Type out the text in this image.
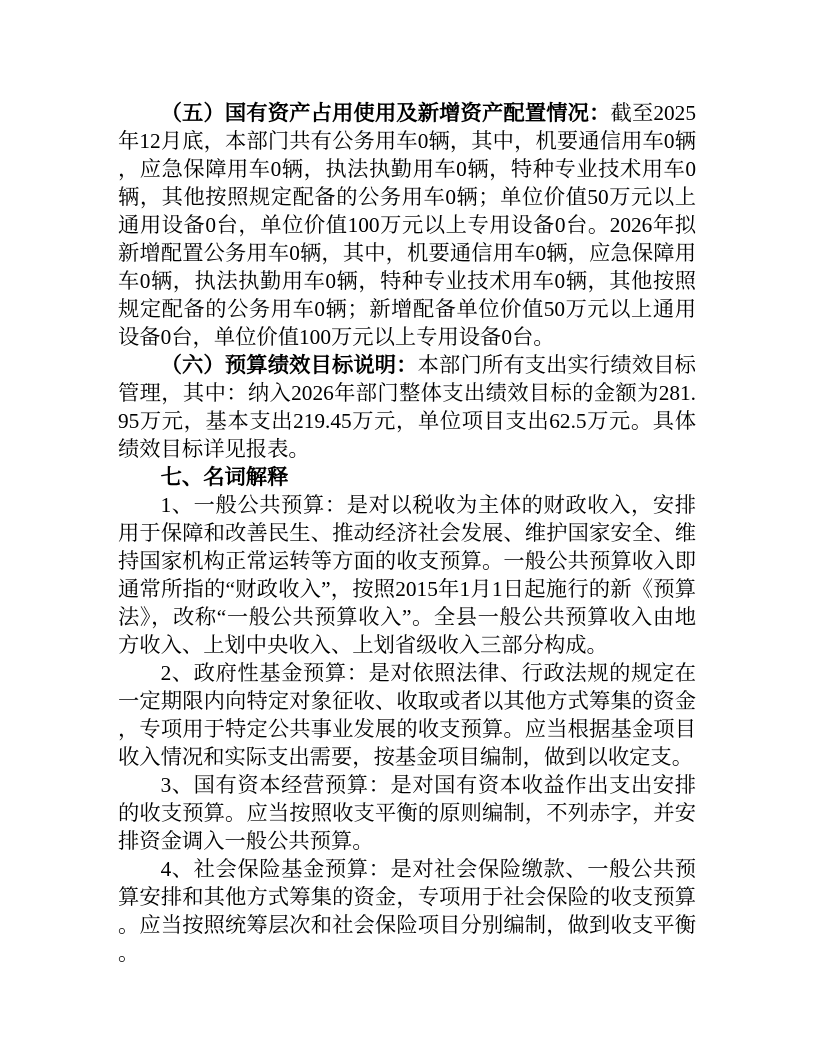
（五）国有资产占用使用及新增资产配置情况：截至2025年12月底，本部门共有公务用车0辆，其中，机要通信用车0辆，应急保障用车0辆，执法执勤用车0辆，特种专业技术用车0辆，其他按照规定配备的公务用车0辆；单位价值50万元以上通用设备0台，单位价值100万元以上专用设备0台。2026年拟新增配置公务用车0辆，其中，机要通信用车0辆，应急保障用车0辆，执法执勤用车0辆，特种专业技术用车0辆，其他按照规定配备的公务用车0辆；新增配备单位价值50万元以上通用设备0台，单位价值100万元以上专用设备0台。

（六）预算绩效目标说明：本部门所有支出实行绩效目标管理，其中：纳入2026年部门整体支出绩效目标的金额为281.95万元，基本支出219.45万元，单位项目支出62.5万元。具体绩效目标详见报表。

七、名词解释

1、一般公共预算：是对以税收为主体的财政收入，安排用于保障和改善民生、推动经济社会发展、维护国家安全、维持国家机构正常运转等方面的收支预算。一般公共预算收入即通常所指的“财政收入”，按照2015年1月1日起施行的新《预算法》，改称“一般公共预算收入”。全县一般公共预算收入由地方收入、上划中央收入、上划省级收入三部分构成。

2、政府性基金预算：是对依照法律、行政法规的规定在一定期限内向特定对象征收、收取或者以其他方式筹集的资金，专项用于特定公共事业发展的收支预算。应当根据基金项目收入情况和实际支出需要，按基金项目编制，做到以收定支。

3、国有资本经营预算：是对国有资本收益作出支出安排的收支预算。应当按照收支平衡的原则编制，不列赤字，并安排资金调入一般公共预算。

4、社会保险基金预算：是对社会保险缴款、一般公共预算安排和其他方式筹集的资金，专项用于社会保险的收支预算。应当按照统筹层次和社会保险项目分别编制，做到收支平衡。
